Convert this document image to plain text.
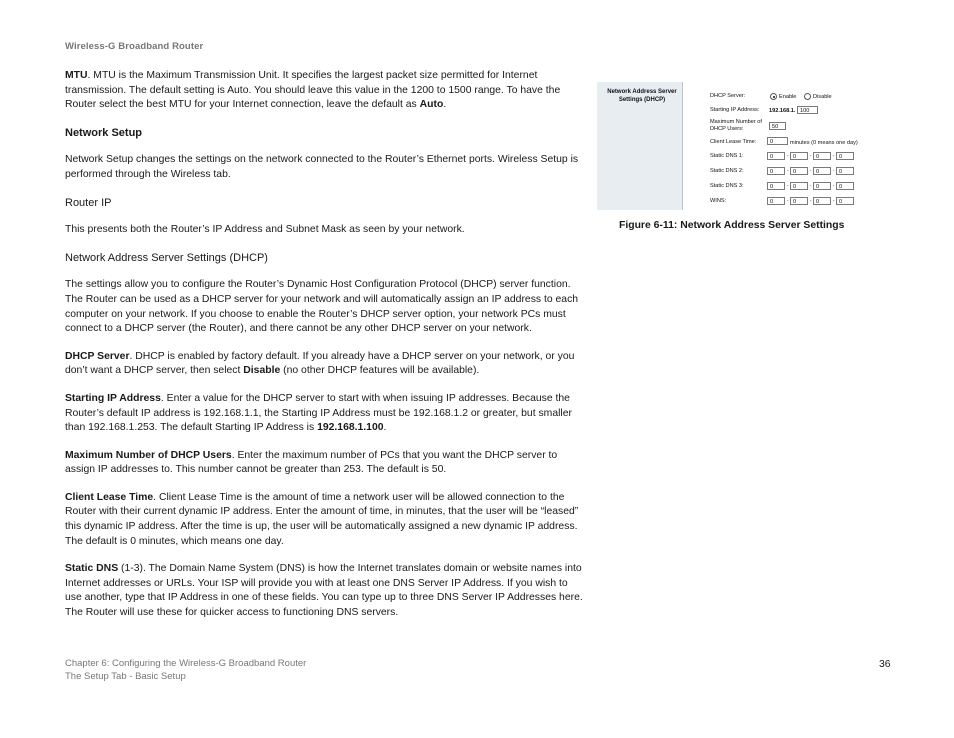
Wireless-G Broadband Router

MTU. MTU is the Maximum Transmission Unit. It specifies the largest packet size permitted for Internet transmission. The default setting is Auto. You should leave this value in the 1200 to 1500 range. To have the Router select the best MTU for your Internet connection, leave the default as Auto.

Network Setup

Network Setup changes the settings on the network connected to the Router’s Ethernet ports. Wireless Setup is performed through the Wireless tab.

Router IP

This presents both the Router’s IP Address and Subnet Mask as seen by your network.

Network Address Server Settings (DHCP)

The settings allow you to configure the Router’s Dynamic Host Configuration Protocol (DHCP) server function. The Router can be used as a DHCP server for your network and will automatically assign an IP address to each computer on your network. If you choose to enable the Router’s DHCP server option, your network PCs must connect to a DHCP server (the Router), and there cannot be any other DHCP server on your network.

DHCP Server. DHCP is enabled by factory default. If you already have a DHCP server on your network, or you don’t want a DHCP server, then select Disable (no other DHCP features will be available).

Starting IP Address. Enter a value for the DHCP server to start with when issuing IP addresses. Because the Router’s default IP address is 192.168.1.1, the Starting IP Address must be 192.168.1.2 or greater, but smaller than 192.168.1.253. The default Starting IP Address is 192.168.1.100.

Maximum Number of DHCP Users. Enter the maximum number of PCs that you want the DHCP server to assign IP addresses to. This number cannot be greater than 253. The default is 50.

Client Lease Time. Client Lease Time is the amount of time a network user will be allowed connection to the Router with their current dynamic IP address. Enter the amount of time, in minutes, that the user will be “leased” this dynamic IP address. After the time is up, the user will be automatically assigned a new dynamic IP address. The default is 0 minutes, which means one day.

Static DNS (1-3). The Domain Name System (DNS) is how the Internet translates domain or website names into Internet addresses or URLs. Your ISP will provide you with at least one DNS Server IP Address. If you wish to use another, type that IP Address in one of these fields. You can type up to three DNS Server IP Addresses here. The Router will use these for quicker access to functioning DNS servers.

Network Address Server Settings (DHCP)
DHCP Server:	Enable	Disable
Starting IP Address: 192.168.1. 100
Maximum Number of DHCP Users:	50
Client Lease Time:	0	minutes (0 means one day)
Static DNS 1:	0	. 0	. 0	. 0
Static DNS 2:	0	. 0	. 0	. 0
Static DNS 3:	0	. 0	. 0	. 0
WINS:	0	. 0	. 0	. 0
Figure 6-11: Network Address Server Settings
Chapter 6: Configuring the Wireless-G Broadband Router
The Setup Tab - Basic Setup
36
